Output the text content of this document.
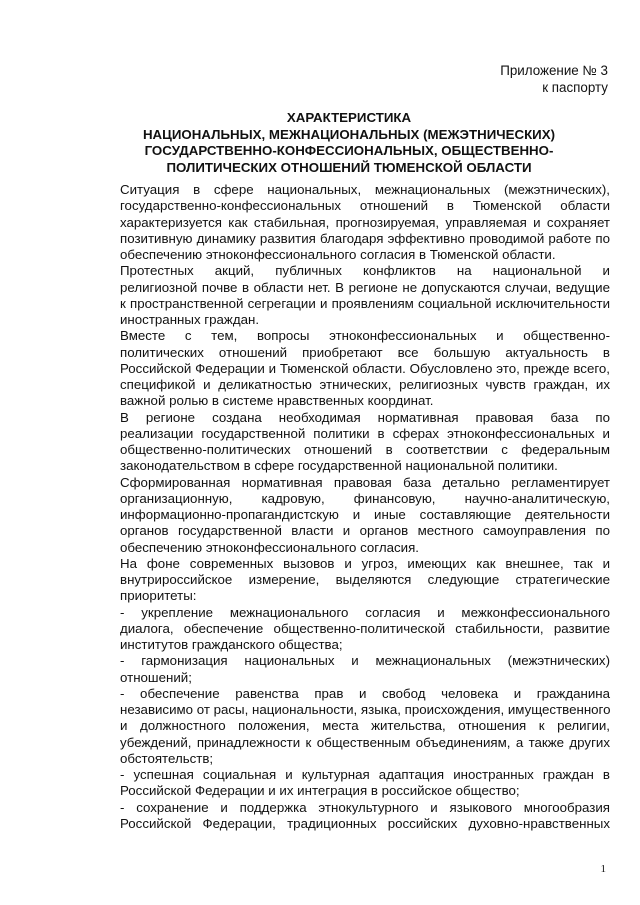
Приложение № 3
к паспорту
ХАРАКТЕРИСТИКА
НАЦИОНАЛЬНЫХ, МЕЖНАЦИОНАЛЬНЫХ (МЕЖЭТНИЧЕСКИХ)
ГОСУДАРСТВЕННО-КОНФЕССИОНАЛЬНЫХ, ОБЩЕСТВЕННО-
ПОЛИТИЧЕСКИХ ОТНОШЕНИЙ ТЮМЕНСКОЙ ОБЛАСТИ
Ситуация в сфере национальных, межнациональных (межэтнических),
государственно-конфессиональных отношений в Тюменской области
характеризуется как стабильная, прогнозируемая, управляемая и сохраняет
позитивную динамику развития благодаря эффективно проводимой работе по
обеспечению этноконфессионального согласия в Тюменской области.
Протестных акций, публичных конфликтов на национальной и
религиозной почве в области нет. В регионе не допускаются случаи, ведущие
к пространственной сегрегации и проявлениям социальной исключительности
иностранных граждан.
Вместе с тем, вопросы этноконфессиональных и общественно-
политических отношений приобретают все большую актуальность в
Российской Федерации и Тюменской области. Обусловлено это, прежде всего,
спецификой и деликатностью этнических, религиозных чувств граждан, их
важной ролью в системе нравственных координат.
В регионе создана необходимая нормативная правовая база по
реализации государственной политики в сферах этноконфессиональных и
общественно-политических отношений в соответствии с федеральным
законодательством в сфере государственной национальной политики.
Сформированная нормативная правовая база детально регламентирует
организационную, кадровую, финансовую, научно-аналитическую,
информационно-пропагандистскую и иные составляющие деятельности
органов государственной власти и органов местного самоуправления по
обеспечению этноконфессионального согласия.
На фоне современных вызовов и угроз, имеющих как внешнее, так и
внутрироссийское измерение, выделяются следующие стратегические
приоритеты:
- укрепление межнационального согласия и межконфессионального
диалога, обеспечение общественно-политической стабильности, развитие
институтов гражданского общества;
- гармонизация национальных и межнациональных (межэтнических)
отношений;
- обеспечение равенства прав и свобод человека и гражданина
независимо от расы, национальности, языка, происхождения, имущественного
и должностного положения, места жительства, отношения к религии,
убеждений, принадлежности к общественным объединениям, а также других
обстоятельств;
- успешная социальная и культурная адаптация иностранных граждан в
Российской Федерации и их интеграция в российское общество;
- сохранение и поддержка этнокультурного и языкового многообразия
Российской Федерации, традиционных российских духовно-нравственных
1
